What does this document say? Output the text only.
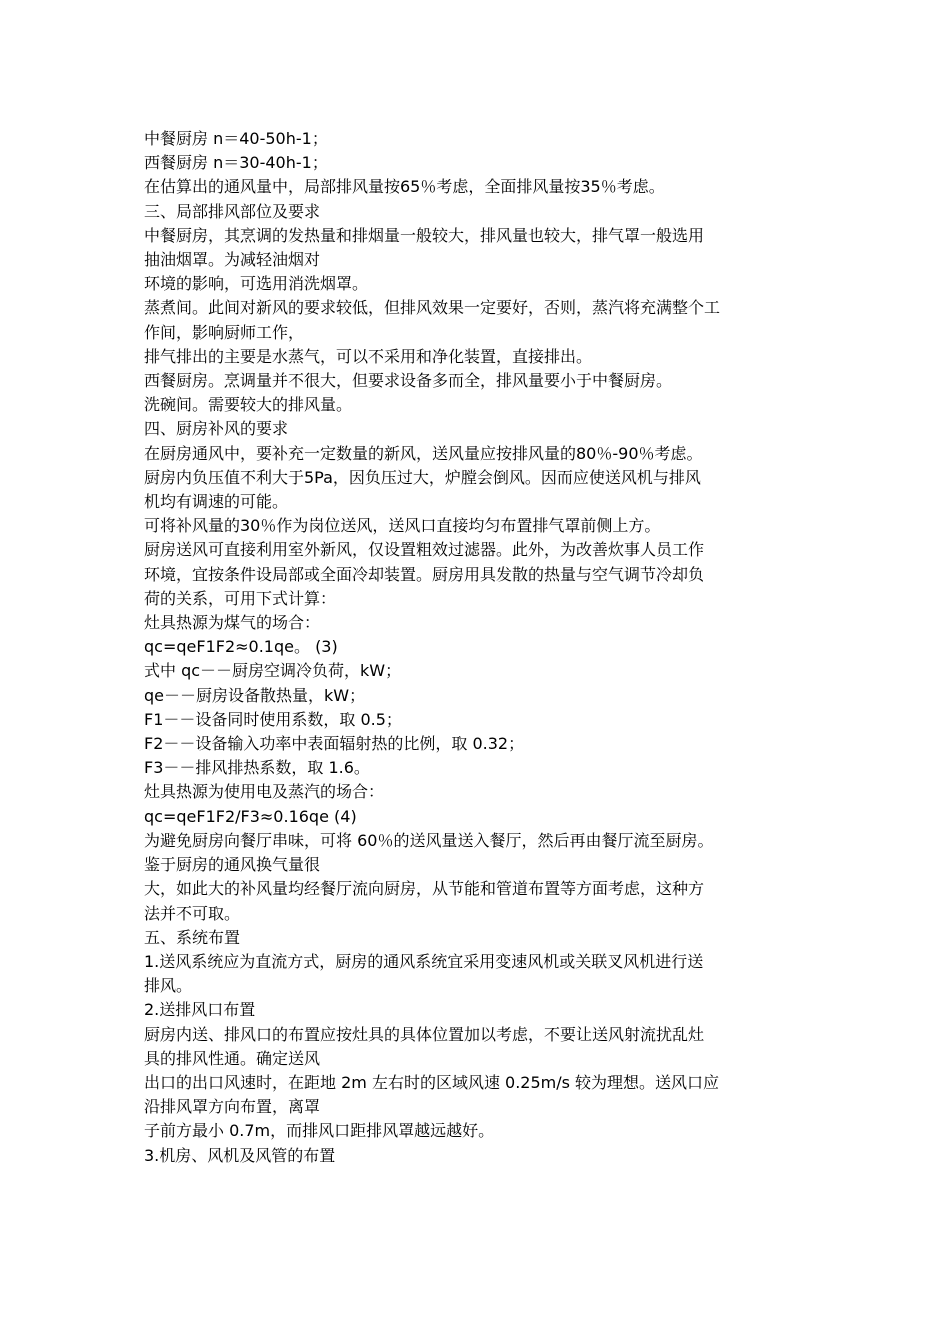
中餐厨房 n＝40-50h-1；

西餐厨房 n＝30-40h-1；

在估算出的通风量中，局部排风量按65％考虑，全面排风量按35％考虑。

三、局部排风部位及要求

中餐厨房，其烹调的发热量和排烟量一般较大，排风量也较大，排气罩一般选用

抽油烟罩。为减轻油烟对

环境的影响，可选用消洗烟罩。

蒸煮间。此间对新风的要求较低，但排风效果一定要好，否则，蒸汽将充满整个工

作间，影响厨师工作，

排气排出的主要是水蒸气，可以不采用和净化装置，直接排出。

西餐厨房。烹调量并不很大，但要求设备多而全，排风量要小于中餐厨房。

洗碗间。需要较大的排风量。

四、厨房补风的要求

在厨房通风中，要补充一定数量的新风，送风量应按排风量的80％-90％考虑。

厨房内负压值不利大于5Pa，因负压过大，炉膛会倒风。因而应使送风机与排风

机均有调速的可能。

可将补风量的30％作为岗位送风，送风口直接均匀布置排气罩前侧上方。

厨房送风可直接利用室外新风，仅设置粗效过滤器。此外，为改善炊事人员工作

环境，宜按条件设局部或全面冷却装置。厨房用具发散的热量与空气调节冷却负

荷的关系，可用下式计算：

灶具热源为煤气的场合：

qc=qeF1F2≈0.1qe。 (3)

式中 qc－－厨房空调冷负荷，kW；

qe－－厨房设备散热量，kW；

F1－－设备同时使用系数，取 0.5；

F2－－设备输入功率中表面辐射热的比例，取 0.32；

F3－－排风排热系数，取 1.6。

灶具热源为使用电及蒸汽的场合：

qc=qeF1F2/F3≈0.16qe (4)

为避免厨房向餐厅串味，可将 60％的送风量送入餐厅，然后再由餐厅流至厨房。

鉴于厨房的通风换气量很

大，如此大的补风量均经餐厅流向厨房，从节能和管道布置等方面考虑，这种方

法并不可取。

五、系统布置

1.送风系统应为直流方式，厨房的通风系统宜采用变速风机或关联叉风机进行送

排风。

2.送排风口布置

厨房内送、排风口的布置应按灶具的具体位置加以考虑，不要让送风射流扰乱灶

具的排风性通。确定送风

出口的出口风速时，在距地 2m 左右时的区域风速 0.25m/s 较为理想。送风口应

沿排风罩方向布置，离罩

子前方最小 0.7m，而排风口距排风罩越远越好。

3.机房、风机及风管的布置
